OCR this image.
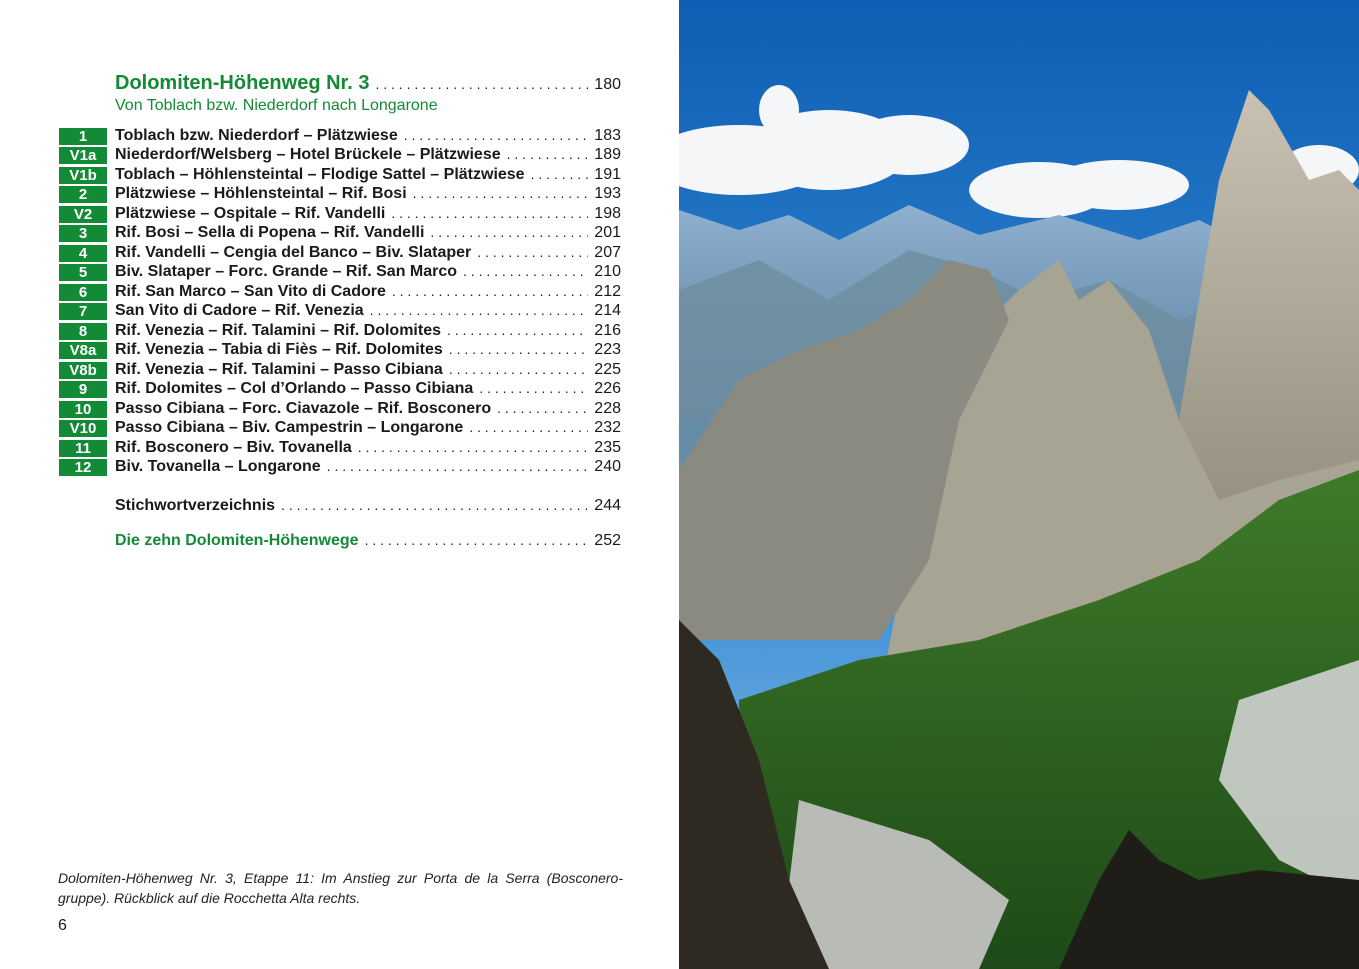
Dolomiten-Höhenweg Nr. 3 . . .	180
Von Toblach bzw. Niederdorf nach Longarone
1	Toblach bzw. Niederdorf – Plätzwiese . . .	183
V1a	Niederdorf/Welsberg – Hotel Brückele – Plätzwiese . . .	189
V1b	Toblach – Höhlensteintal – Flodige Sattel – Plätzwiese . . .	191
2	Plätzwiese – Höhlensteintal – Rif. Bosi . . .	193
V2	Plätzwiese – Ospitale – Rif. Vandelli . . .	198
3	Rif. Bosi – Sella di Popena – Rif. Vandelli . . .	201
4	Rif. Vandelli – Cengia del Banco – Biv. Slataper . . .	207
5	Biv. Slataper – Forc. Grande – Rif. San Marco . . .	210
6	Rif. San Marco – San Vito di Cadore . . .	212
7	San Vito di Cadore – Rif. Venezia . . .	214
8	Rif. Venezia – Rif. Talamini – Rif. Dolomites . . .	216
V8a	Rif. Venezia – Tabia di Fiès – Rif. Dolomites . . .	223
V8b	Rif. Venezia – Rif. Talamini – Passo Cibiana . . .	225
9	Rif. Dolomites – Col d’Orlando – Passo Cibiana . . .	226
10	Passo Cibiana – Forc. Ciavazole – Rif. Bosconero . . .	228
V10	Passo Cibiana – Biv. Campestrin – Longarone . . .	232
11	Rif. Bosconero – Biv. Tovanella . . .	235
12	Biv. Tovanella – Longarone . . .	240
Stichwortverzeichnis . . .	244
Die zehn Dolomiten-Höhenwege . . .	252
Dolomiten-Höhenweg Nr. 3, Etappe 11: Im Anstieg zur Porta de la Serra (Bosconero-gruppe). Rückblick auf die Rocchetta Alta rechts.
6
